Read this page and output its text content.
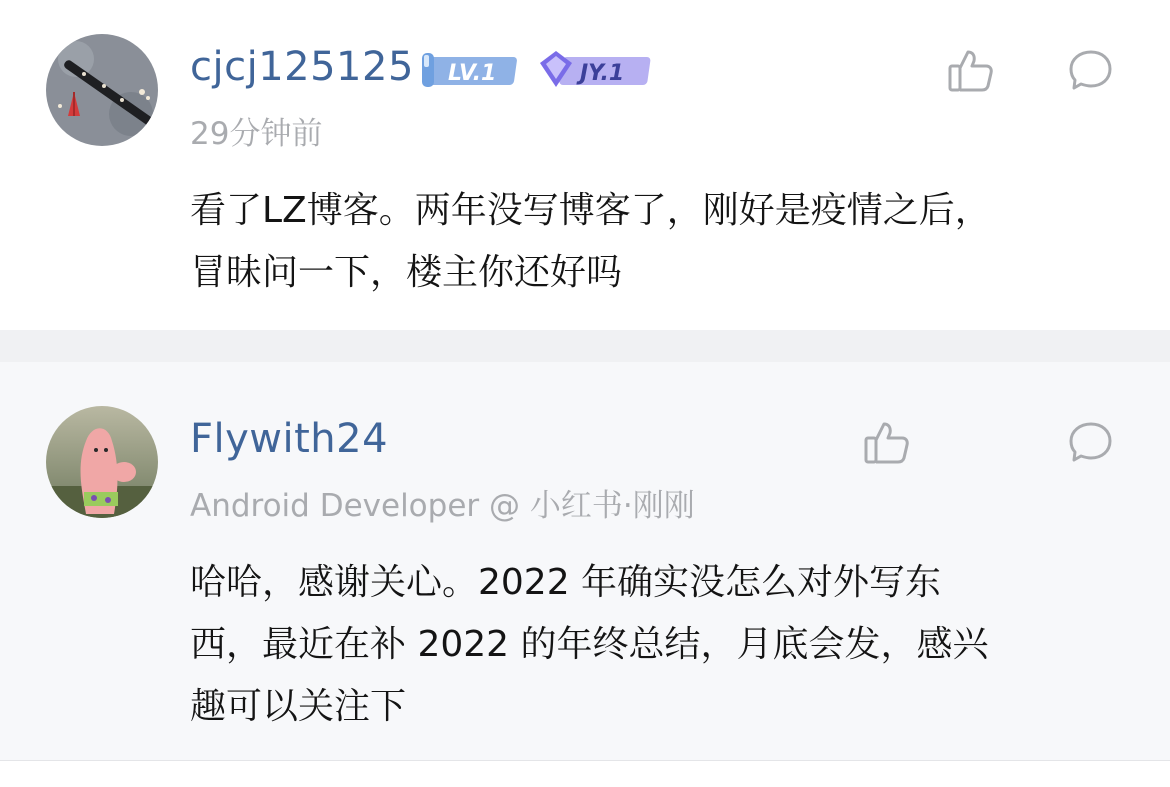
cjcj125125 LV.1	JY.1
29分钟前
看了LZ博客。两年没写博客了，刚好是疫情之后，
冒昧问一下，楼主你还好吗
Flywith24
Android Developer @ 小红书·刚刚
哈哈，感谢关心。2022 年确实没怎么对外写东
西，最近在补 2022 的年终总结，月底会发，感兴
趣可以关注下
